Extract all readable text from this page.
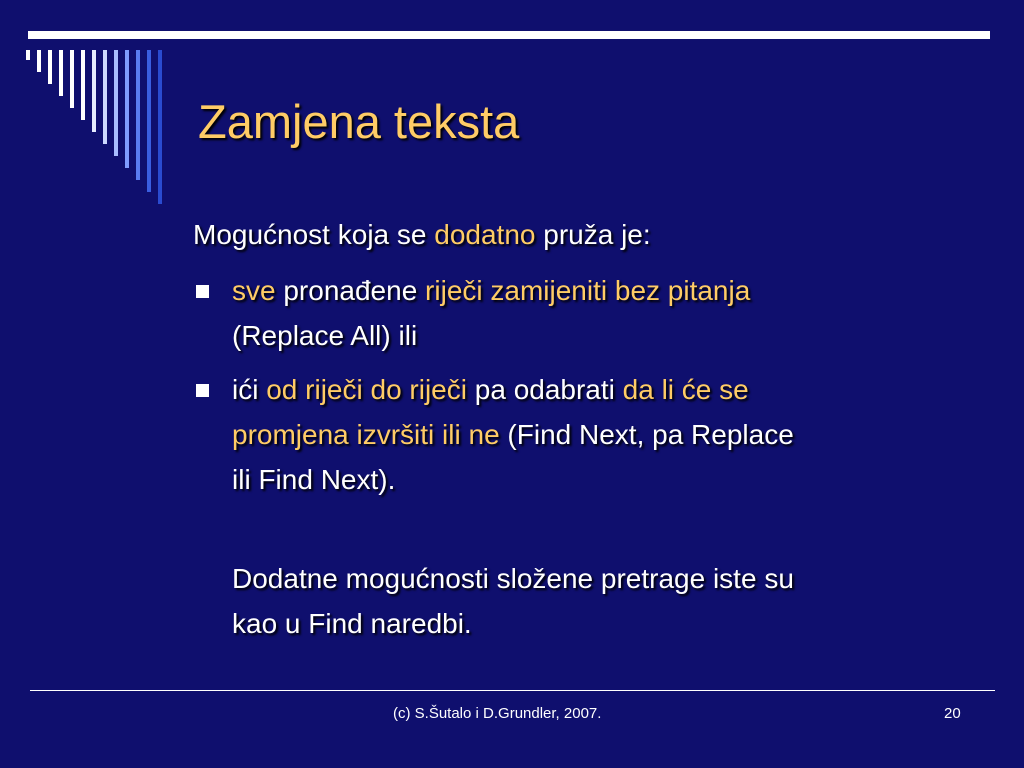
Zamjena teksta

Mogućnost koja se dodatno pruža je:

sve pronađene riječi zamijeniti bez pitanja
(Replace All) ili

ići od riječi do riječi pa odabrati da li će se
promjena izvršiti ili ne (Find Next, pa Replace
ili Find Next).

Dodatne mogućnosti složene pretrage iste su
kao u Find naredbi.

(c) S.Šutalo i D.Grundler, 2007.	20
